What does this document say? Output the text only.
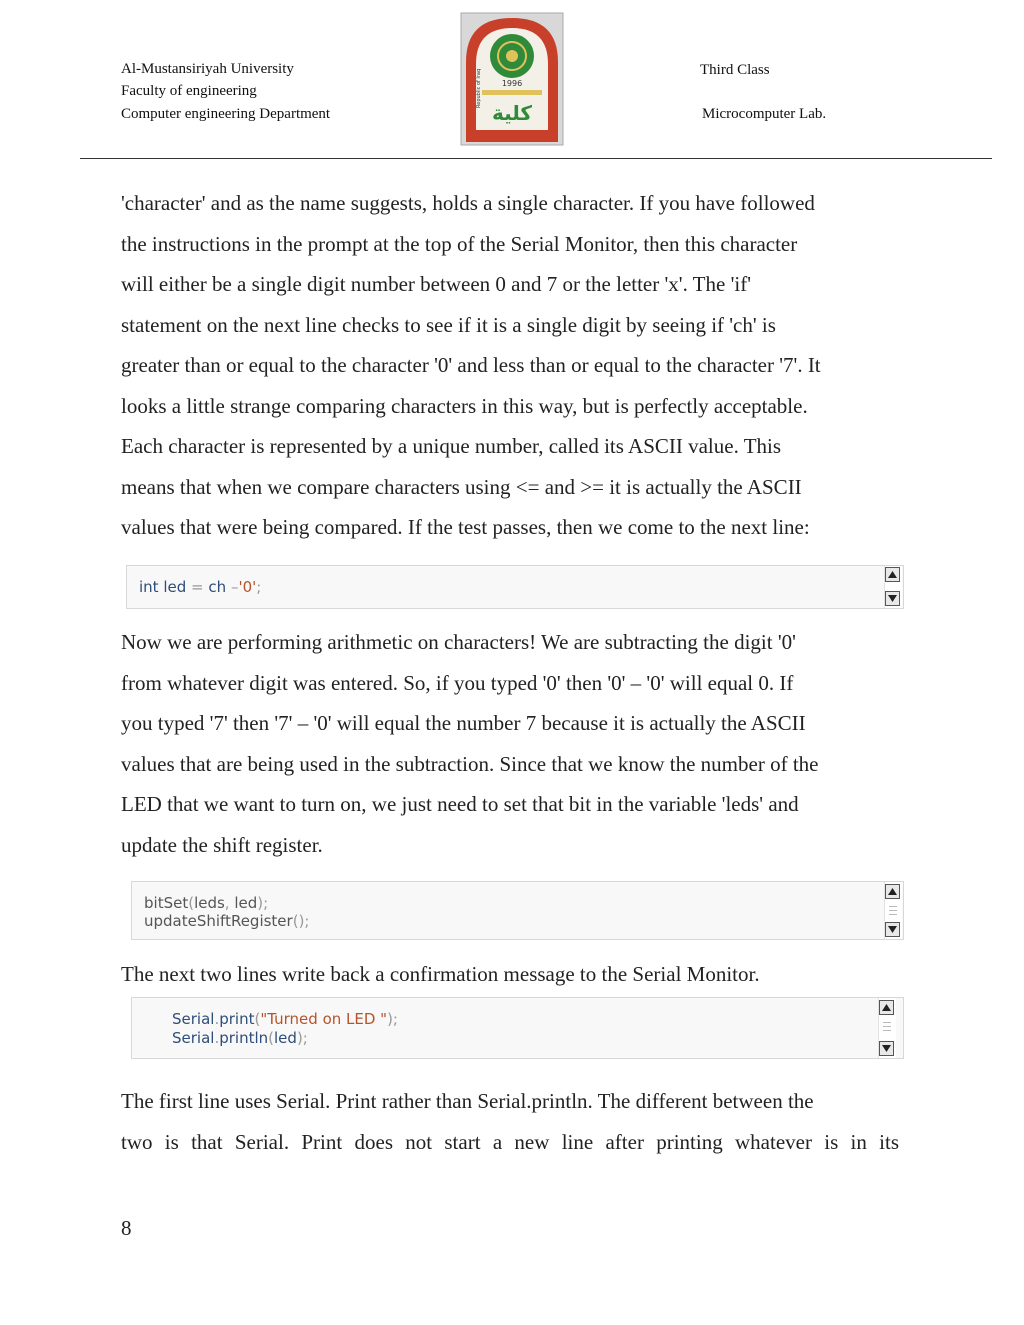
Al-Mustansiriyah University
Faculty of engineering
Computer engineering Department
Third Class
Microcomputer Lab.
1996
كلية
Republic of Iraq
'character' and as the name suggests, holds a single character. If you have followed
the instructions in the prompt at the top of the Serial Monitor, then this character
will either be a single digit number between 0 and 7 or the letter 'x'. The 'if'
statement on the next line checks to see if it is a single digit by seeing if 'ch' is
greater than or equal to the character '0' and less than or equal to the character '7'. It
looks a little strange comparing characters in this way, but is perfectly acceptable.
Each character is represented by a unique number, called its ASCII value. This
means that when we compare characters using <= and >= it is actually the ASCII
values that were being compared. If the test passes, then we come to the next line:
int led = ch –'0';
Now we are performing arithmetic on characters! We are subtracting the digit '0'
from whatever digit was entered. So, if you typed '0' then '0' – '0' will equal 0. If
you typed '7' then '7' – '0' will equal the number 7 because it is actually the ASCII
values that are being used in the subtraction. Since that we know the number of the
LED that we want to turn on, we just need to set that bit in the variable 'leds' and
update the shift register.
bitSet(leds, led);
updateShiftRegister();
The next two lines write back a confirmation message to the Serial Monitor.
Serial.print("Turned on LED ");
Serial.println(led);
The first line uses Serial. Print rather than Serial.println. The different between the
two is that Serial. Print does not start a new line after printing whatever is in its
8
